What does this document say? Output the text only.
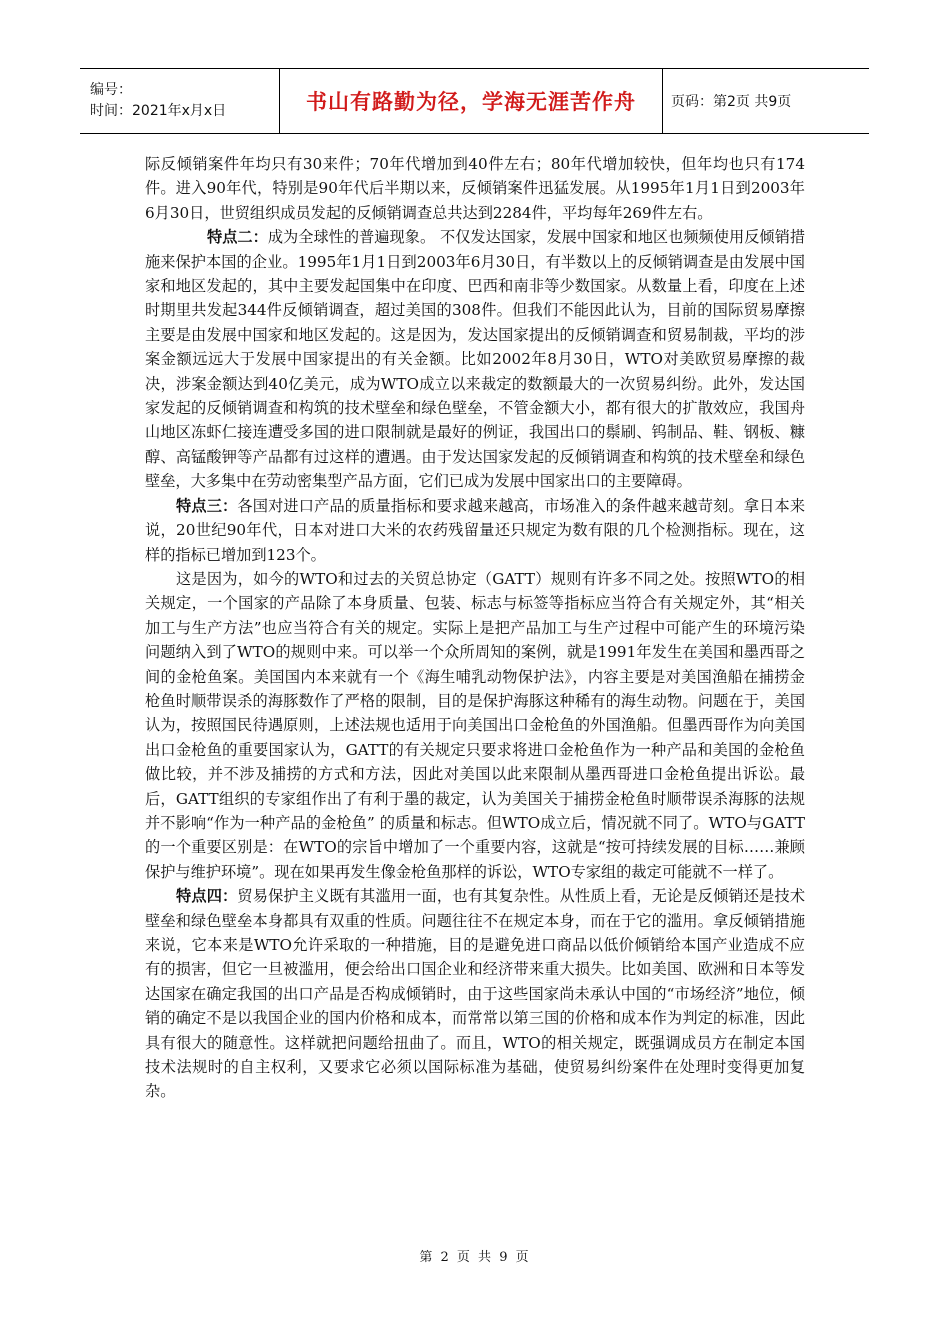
编号：
时间：2021年x月x日	书山有路勤为径，学海无涯苦作舟	页码：第2页 共9页

际反倾销案件年均只有30来件；70年代增加到40件左右；80年代增加较快，但年均也只有174件。进入90年代，特别是90年代后半期以来，反倾销案件迅猛发展。从1995年1月1日到2003年6月30日，世贸组织成员发起的反倾销调查总共达到2284件，平均每年269件左右。

特点二：成为全球性的普遍现象。 不仅发达国家，发展中国家和地区也频频使用反倾销措施来保护本国的企业。1995年1月1日到2003年6月30日，有半数以上的反倾销调查是由发展中国家和地区发起的，其中主要发起国集中在印度、巴西和南非等少数国家。从数量上看，印度在上述时期里共发起344件反倾销调查，超过美国的308件。但我们不能因此认为，目前的国际贸易摩擦主要是由发展中国家和地区发起的。这是因为，发达国家提出的反倾销调查和贸易制裁，平均的涉案金额远远大于发展中国家提出的有关金额。比如2002年8月30日，WTO对美欧贸易摩擦的裁决，涉案金额达到40亿美元，成为WTO成立以来裁定的数额最大的一次贸易纠纷。此外，发达国家发起的反倾销调查和构筑的技术壁垒和绿色壁垒，不管金额大小，都有很大的扩散效应，我国舟山地区冻虾仁接连遭受多国的进口限制就是最好的例证，我国出口的鬃刷、钨制品、鞋、钢板、糠醇、高锰酸钾等产品都有过这样的遭遇。由于发达国家发起的反倾销调查和构筑的技术壁垒和绿色壁垒，大多集中在劳动密集型产品方面，它们已成为发展中国家出口的主要障碍。

特点三：各国对进口产品的质量指标和要求越来越高，市场准入的条件越来越苛刻。拿日本来说，20世纪90年代，日本对进口大米的农药残留量还只规定为数有限的几个检测指标。现在，这样的指标已增加到123个。

这是因为，如今的WTO和过去的关贸总协定（GATT）规则有许多不同之处。按照WTO的相关规定，一个国家的产品除了本身质量、包装、标志与标签等指标应当符合有关规定外，其“相关加工与生产方法”也应当符合有关的规定。实际上是把产品加工与生产过程中可能产生的环境污染问题纳入到了WTO的规则中来。可以举一个众所周知的案例，就是1991年发生在美国和墨西哥之间的金枪鱼案。美国国内本来就有一个《海生哺乳动物保护法》，内容主要是对美国渔船在捕捞金枪鱼时顺带误杀的海豚数作了严格的限制，目的是保护海豚这种稀有的海生动物。问题在于，美国认为，按照国民待遇原则，上述法规也适用于向美国出口金枪鱼的外国渔船。但墨西哥作为向美国出口金枪鱼的重要国家认为，GATT的有关规定只要求将进口金枪鱼作为一种产品和美国的金枪鱼做比较，并不涉及捕捞的方式和方法，因此对美国以此来限制从墨西哥进口金枪鱼提出诉讼。最后，GATT组织的专家组作出了有利于墨的裁定，认为美国关于捕捞金枪鱼时顺带误杀海豚的法规并不影响“作为一种产品的金枪鱼” 的质量和标志。但WTO成立后，情况就不同了。WTO与GATT的一个重要区别是：在WTO的宗旨中增加了一个重要内容，这就是“按可持续发展的目标……兼顾保护与维护环境”。现在如果再发生像金枪鱼那样的诉讼，WTO专家组的裁定可能就不一样了。

特点四：贸易保护主义既有其滥用一面，也有其复杂性。从性质上看，无论是反倾销还是技术壁垒和绿色壁垒本身都具有双重的性质。问题往往不在规定本身，而在于它的滥用。拿反倾销措施来说，它本来是WTO允许采取的一种措施，目的是避免进口商品以低价倾销给本国产业造成不应有的损害，但它一旦被滥用，便会给出口国企业和经济带来重大损失。比如美国、欧洲和日本等发达国家在确定我国的出口产品是否构成倾销时，由于这些国家尚未承认中国的“市场经济”地位，倾销的确定不是以我国企业的国内价格和成本，而常常以第三国的价格和成本作为判定的标准，因此具有很大的随意性。这样就把问题给扭曲了。而且，WTO的相关规定，既强调成员方在制定本国技术法规时的自主权利，又要求它必须以国际标准为基础，使贸易纠纷案件在处理时变得更加复杂。

第 2 页 共 9 页
